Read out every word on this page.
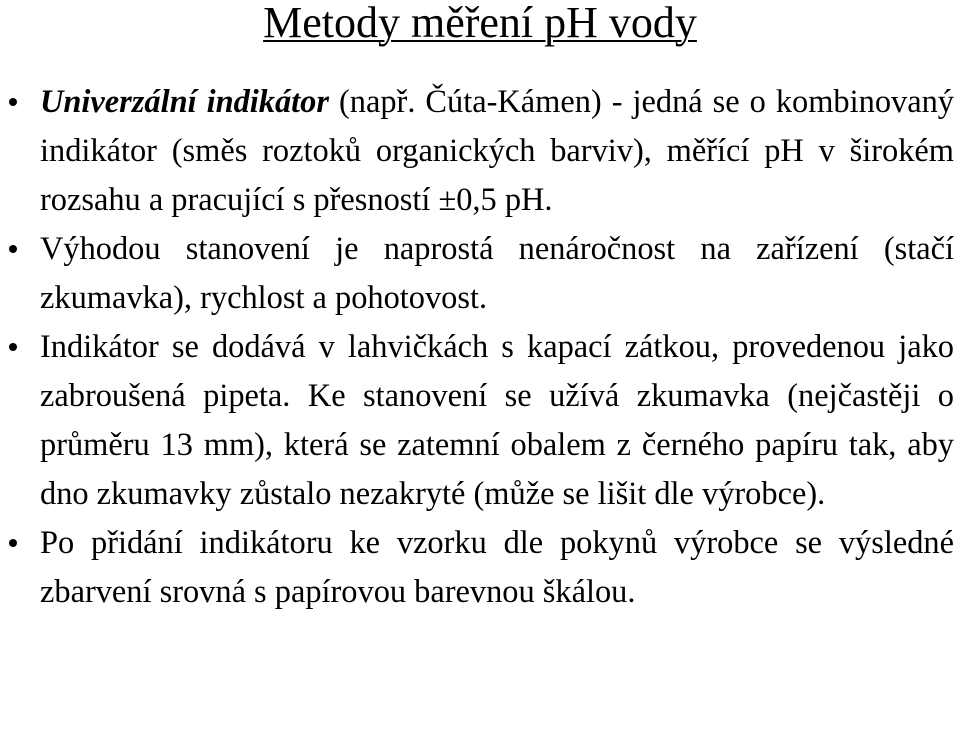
Metody měření pH vody
Univerzální indikátor (např. Čúta-Kámen) - jedná se o kombinovaný indikátor (směs roztoků organických barviv), měřící pH v širokém rozsahu a pracující s přesností ±0,5 pH.
Výhodou stanovení je naprostá nenáročnost na zařízení (stačí zkumavka), rychlost a pohotovost.
Indikátor se dodává v lahvičkách s kapací zátkou, provedenou jako zabroušená pipeta. Ke stanovení se užívá zkumavka (nejčastěji o průměru 13 mm), která se zatemní obalem z černého papíru tak, aby dno zkumavky zůstalo nezakryté (může se lišit dle výrobce).
Po přidání indikátoru ke vzorku dle pokynů výrobce se výsledné zbarvení srovná s papírovou barevnou škálou.
